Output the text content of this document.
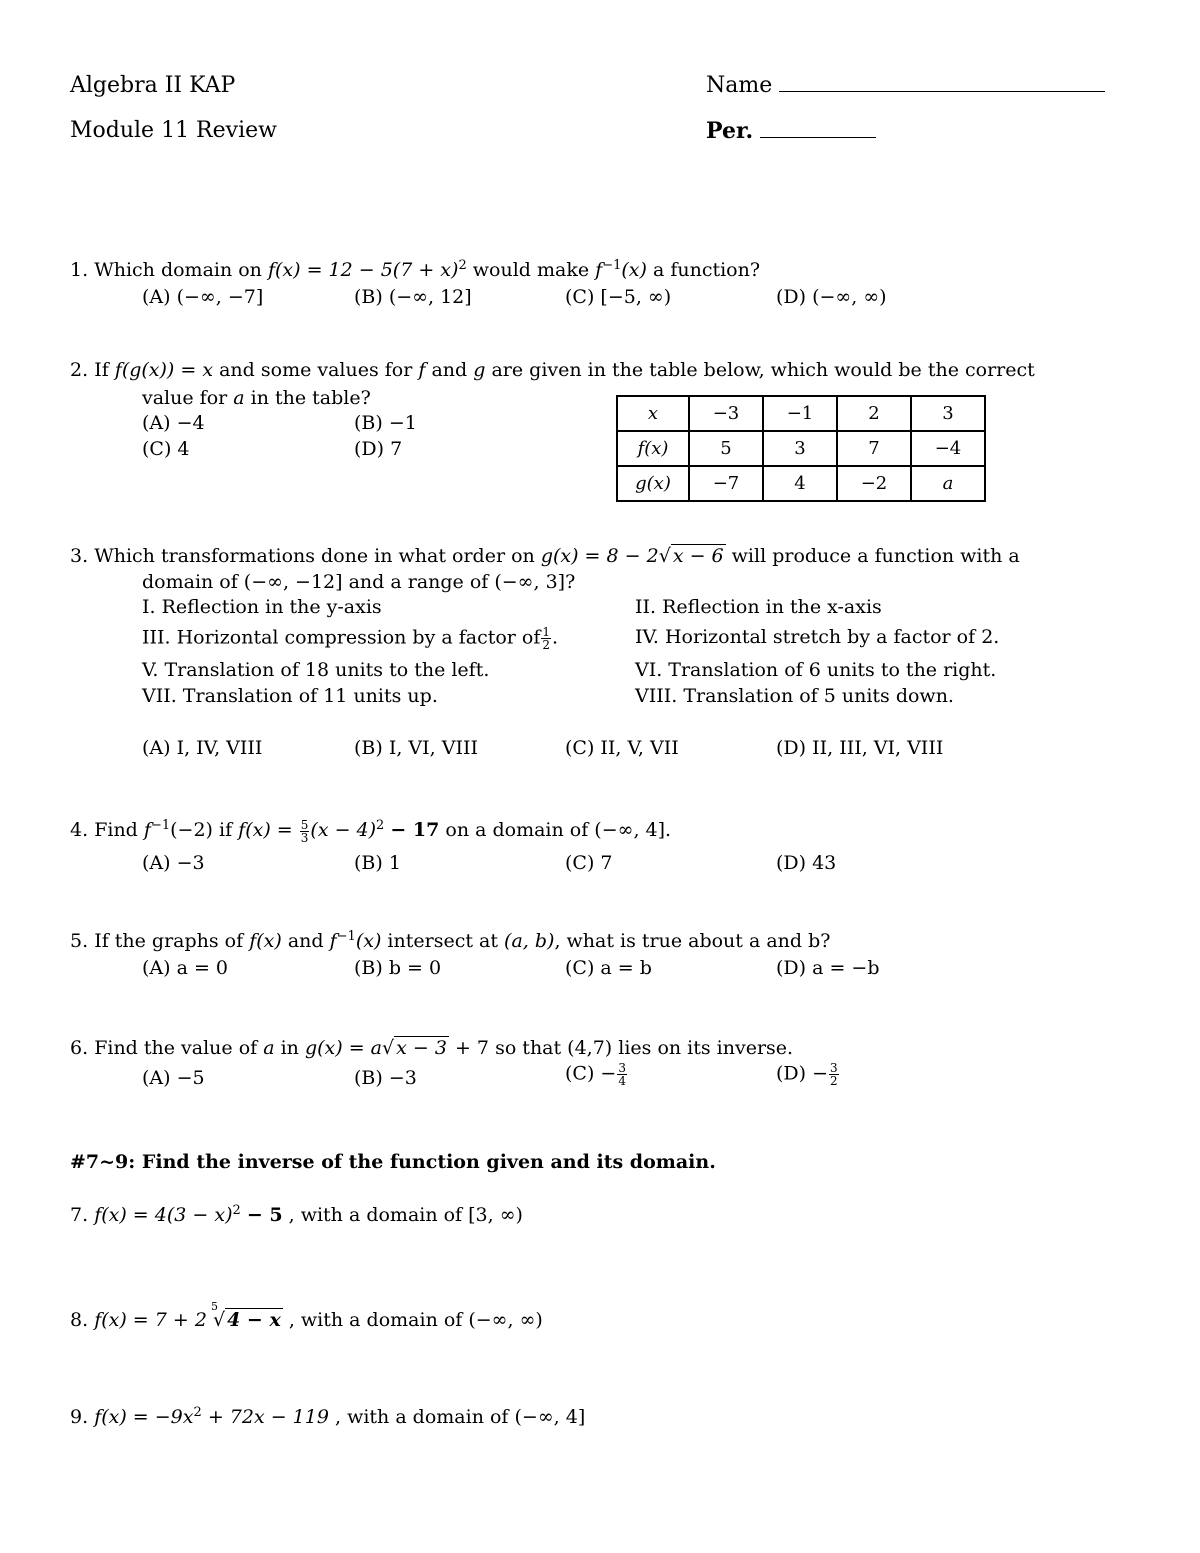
Algebra II KAP
Module 11 Review
Name
Per.
1. Which domain on $f(x) = 12 - 5(7 + x)^2$ would make $f^{-1}(x)$ a function?
(A) (−∞, −7]	(B) (−∞, 12]	(C) [−5, ∞)	(D) (−∞, ∞)
2. If f(g(x)) = x and some values for f and g are given in the table below, which would be the correct
value for a in the table?
(A) −4	(B) −1
(C) 4	(D) 7
x	−3	−1	2	3
f(x)	5	3	7	−4
g(x)	−7	4	−2	a
3. Which transformations done in what order on g(x) = 8 − 2√ x − 6 will produce a function with a
domain of (−∞, −12] and a range of (−∞, 3]?
I. Reflection in the y-axis	II. Reflection in the x-axis
III. Horizontal compression by a factor of $\frac{1}{2}$ .	IV. Horizontal stretch by a factor of 2.
V. Translation of 18 units to the left.	VI. Translation of 6 units to the right.
VII. Translation of 11 units up.	VIII. Translation of 5 units down.
(A) I, IV, VIII	(B) I, VI, VIII	(C) II, V, VII	(D) II, III, VI, VIII
4. Find $f^{-1}(-2)$ if $f(x) = \frac{5}{3} (x - 4)^2 - 17$ on a domain of (−∞, 4].
(A) −3	(B) 1	(C) 7	(D) 43
5. If the graphs of f(x) and $f^{-1}(x)$ intersect at (a, b), what is true about a and b?
(A) a = 0	(B) b = 0	(C) a = b	(D) a = −b
6. Find the value of a in g(x) = a√ x − 3 + 7 so that (4,7) lies on its inverse.
(A) −5	(B) −3	$(C) - \frac{3}{4}$	$(D) - \frac{3}{2}$
#7~9: Find the inverse of the function given and its domain.
7. $f(x) = 4(3 - x)^2 - 5$ , with a domain of [3, ∞)
8. f(x) = 7 + 2
5
√ 4 − x , with a domain of (−∞, ∞)
9. $f(x) = -9x^2 + 72x - 119$ , with a domain of (−∞, 4]
